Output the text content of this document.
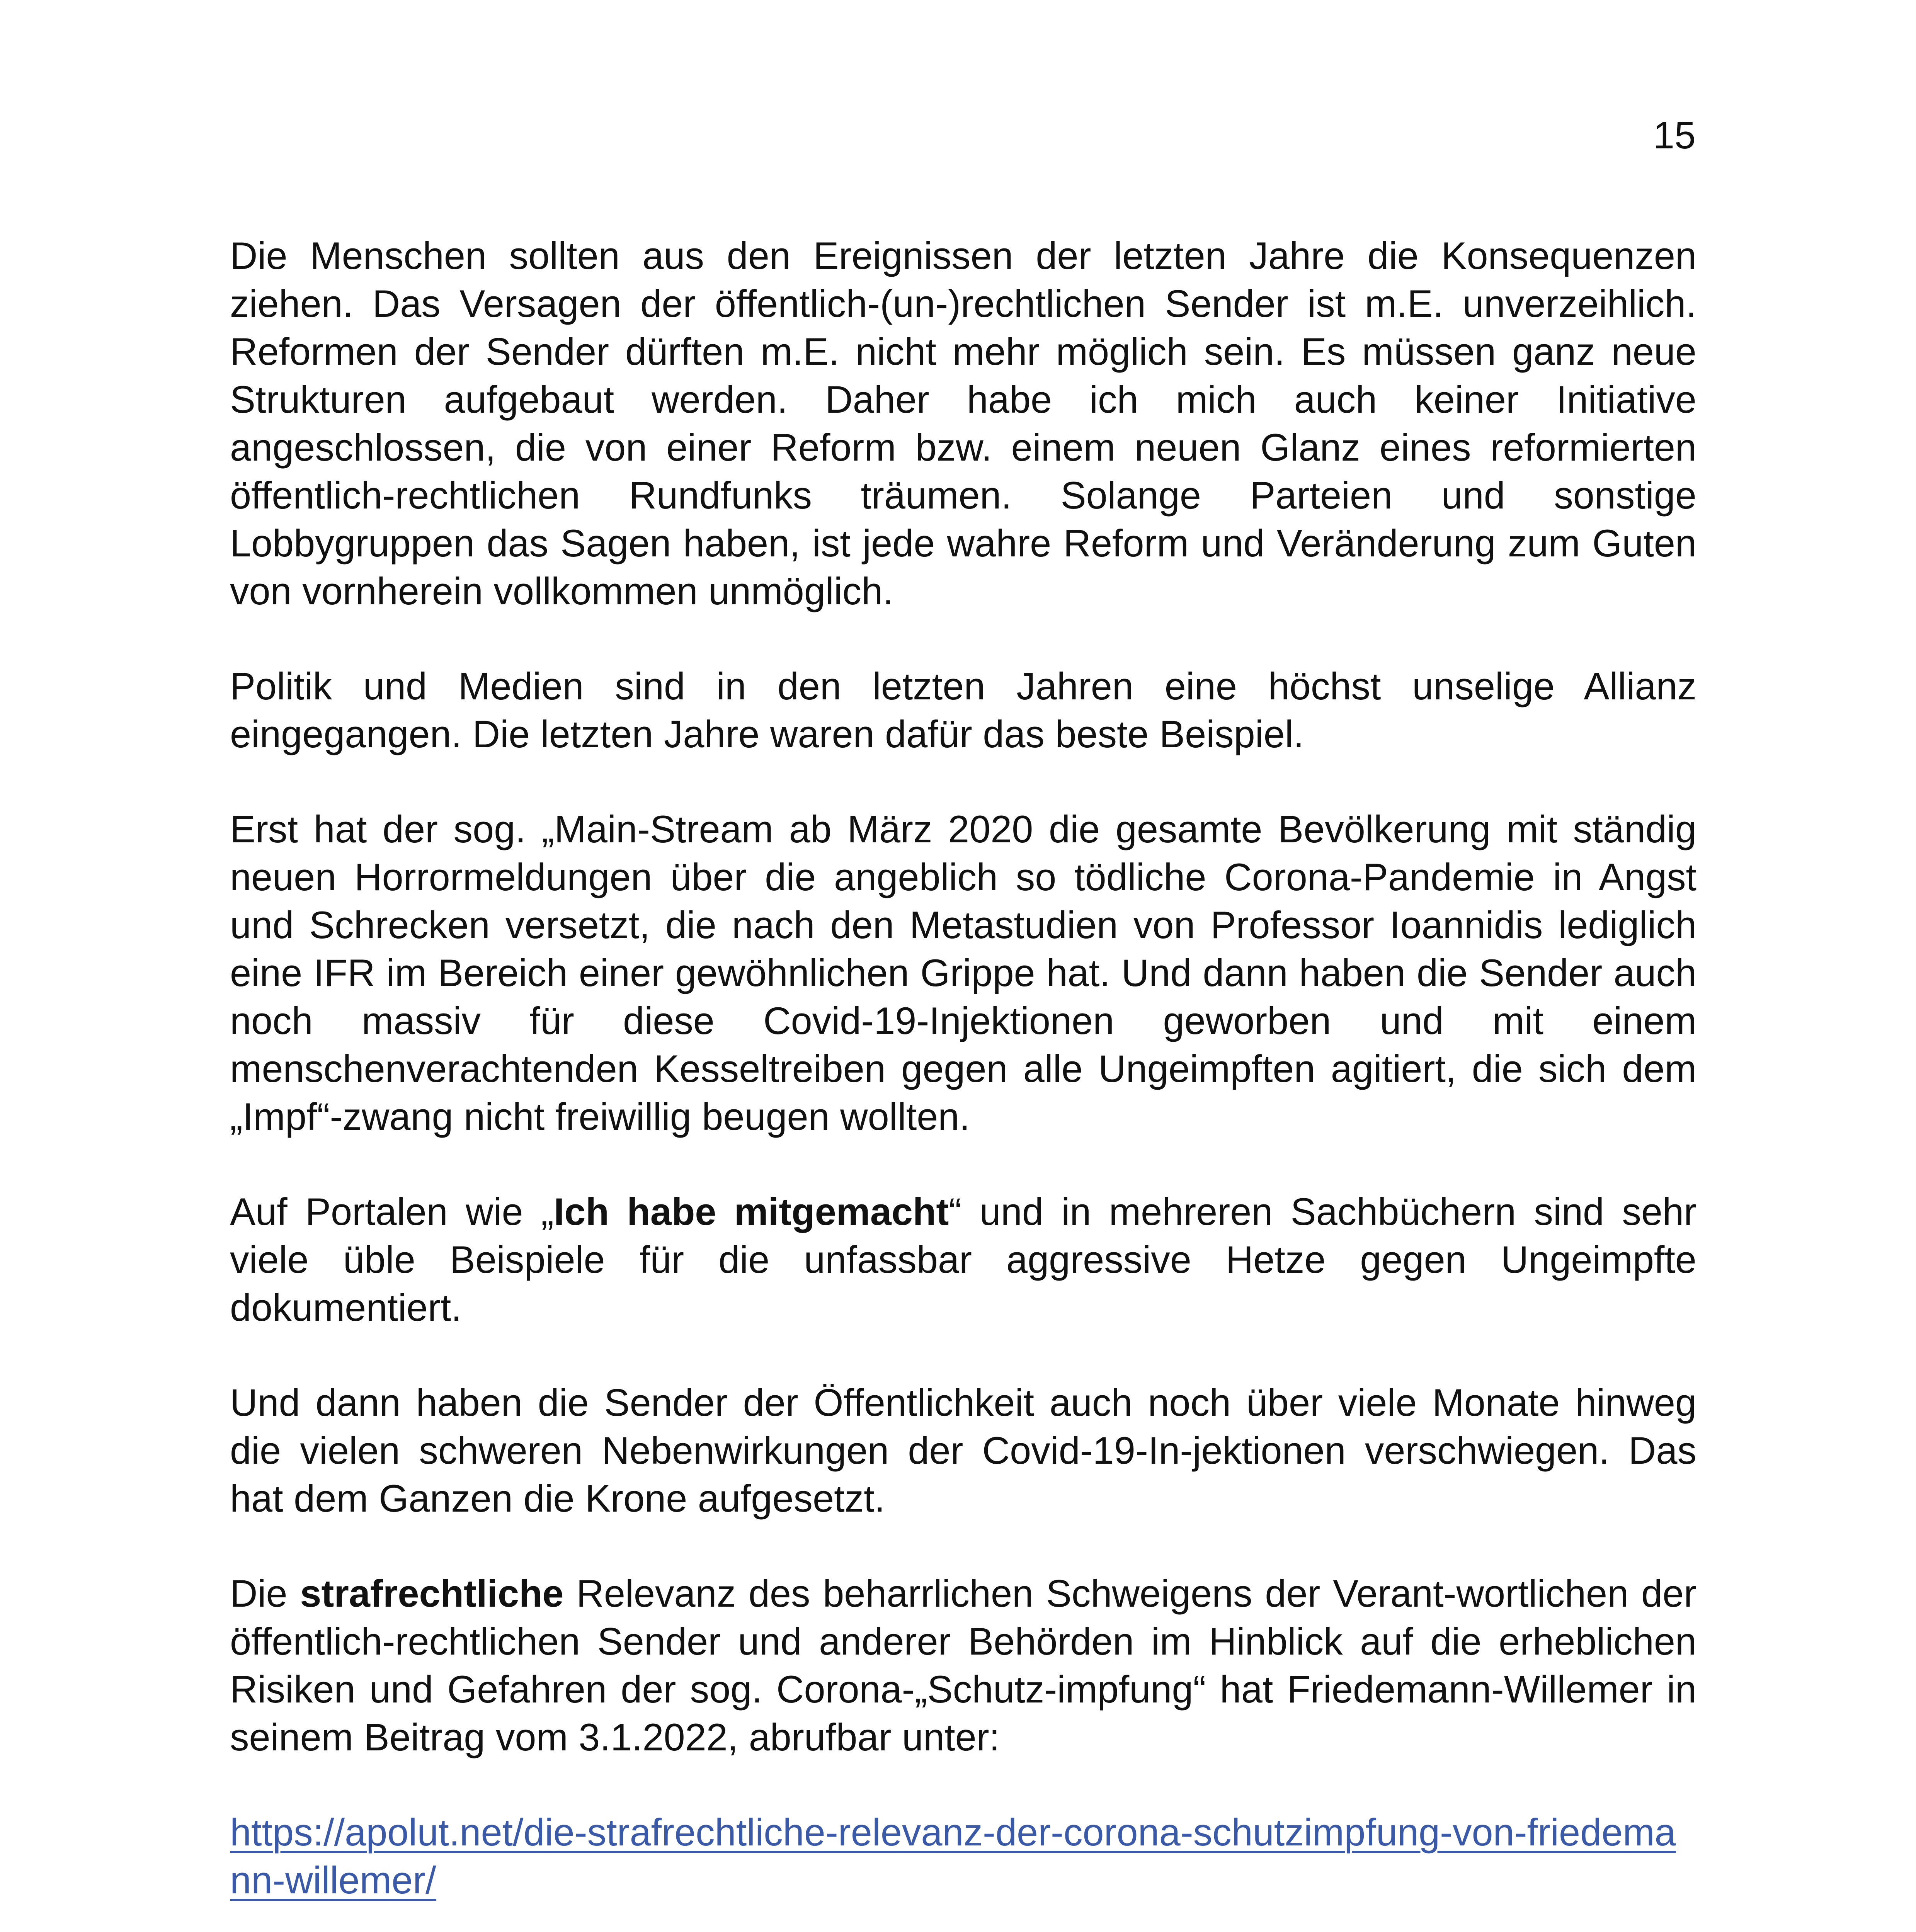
15

Die Menschen sollten aus den Ereignissen der letzten Jahre die Konsequenzen ziehen. Das Versagen der öffentlich-(un-)rechtlichen Sender ist m.E. unverzeihlich. Reformen der Sender dürften m.E. nicht mehr möglich sein. Es müssen ganz neue Strukturen aufgebaut werden. Daher habe ich mich auch keiner Initiative angeschlossen, die von einer Reform bzw. einem neuen Glanz eines reformierten öffentlich-rechtlichen Rundfunks träumen. Solange Parteien und sonstige Lobbygruppen das Sagen haben, ist jede wahre Reform und Veränderung zum Guten von vornherein vollkommen unmöglich.

Politik und Medien sind in den letzten Jahren eine höchst unselige Allianz eingegangen. Die letzten Jahre waren dafür das beste Beispiel.

Erst hat der sog. „Main-Stream ab März 2020 die gesamte Bevölkerung mit ständig neuen Horrormeldungen über die angeblich so tödliche Corona-Pandemie in Angst und Schrecken versetzt, die nach den Metastudien von Professor Ioannidis lediglich eine IFR im Bereich einer gewöhnlichen Grippe hat. Und dann haben die Sender auch noch massiv für diese Covid-19-Injektionen geworben und mit einem menschenverachtenden Kesseltreiben gegen alle Ungeimpften agitiert, die sich dem „Impf“-zwang nicht freiwillig beugen wollten.

Auf Portalen wie „Ich habe mitgemacht“ und in mehreren Sachbüchern sind sehr viele üble Beispiele für die unfassbar aggressive Hetze gegen Ungeimpfte dokumentiert.

Und dann haben die Sender der Öffentlichkeit auch noch über viele Monate hinweg die vielen schweren Nebenwirkungen der Covid-19-In-jektionen verschwiegen. Das hat dem Ganzen die Krone aufgesetzt.

Die strafrechtliche Relevanz des beharrlichen Schweigens der Verant-wortlichen der öffentlich-rechtlichen Sender und anderer Behörden im Hinblick auf die erheblichen Risiken und Gefahren der sog. Corona-„Schutz-impfung“ hat Friedemann-Willemer in seinem Beitrag vom 3.1.2022, abrufbar unter:

https://apolut.net/die-strafrechtliche-relevanz-der-corona-schutzimpfung-von-friedemann-willemer/
